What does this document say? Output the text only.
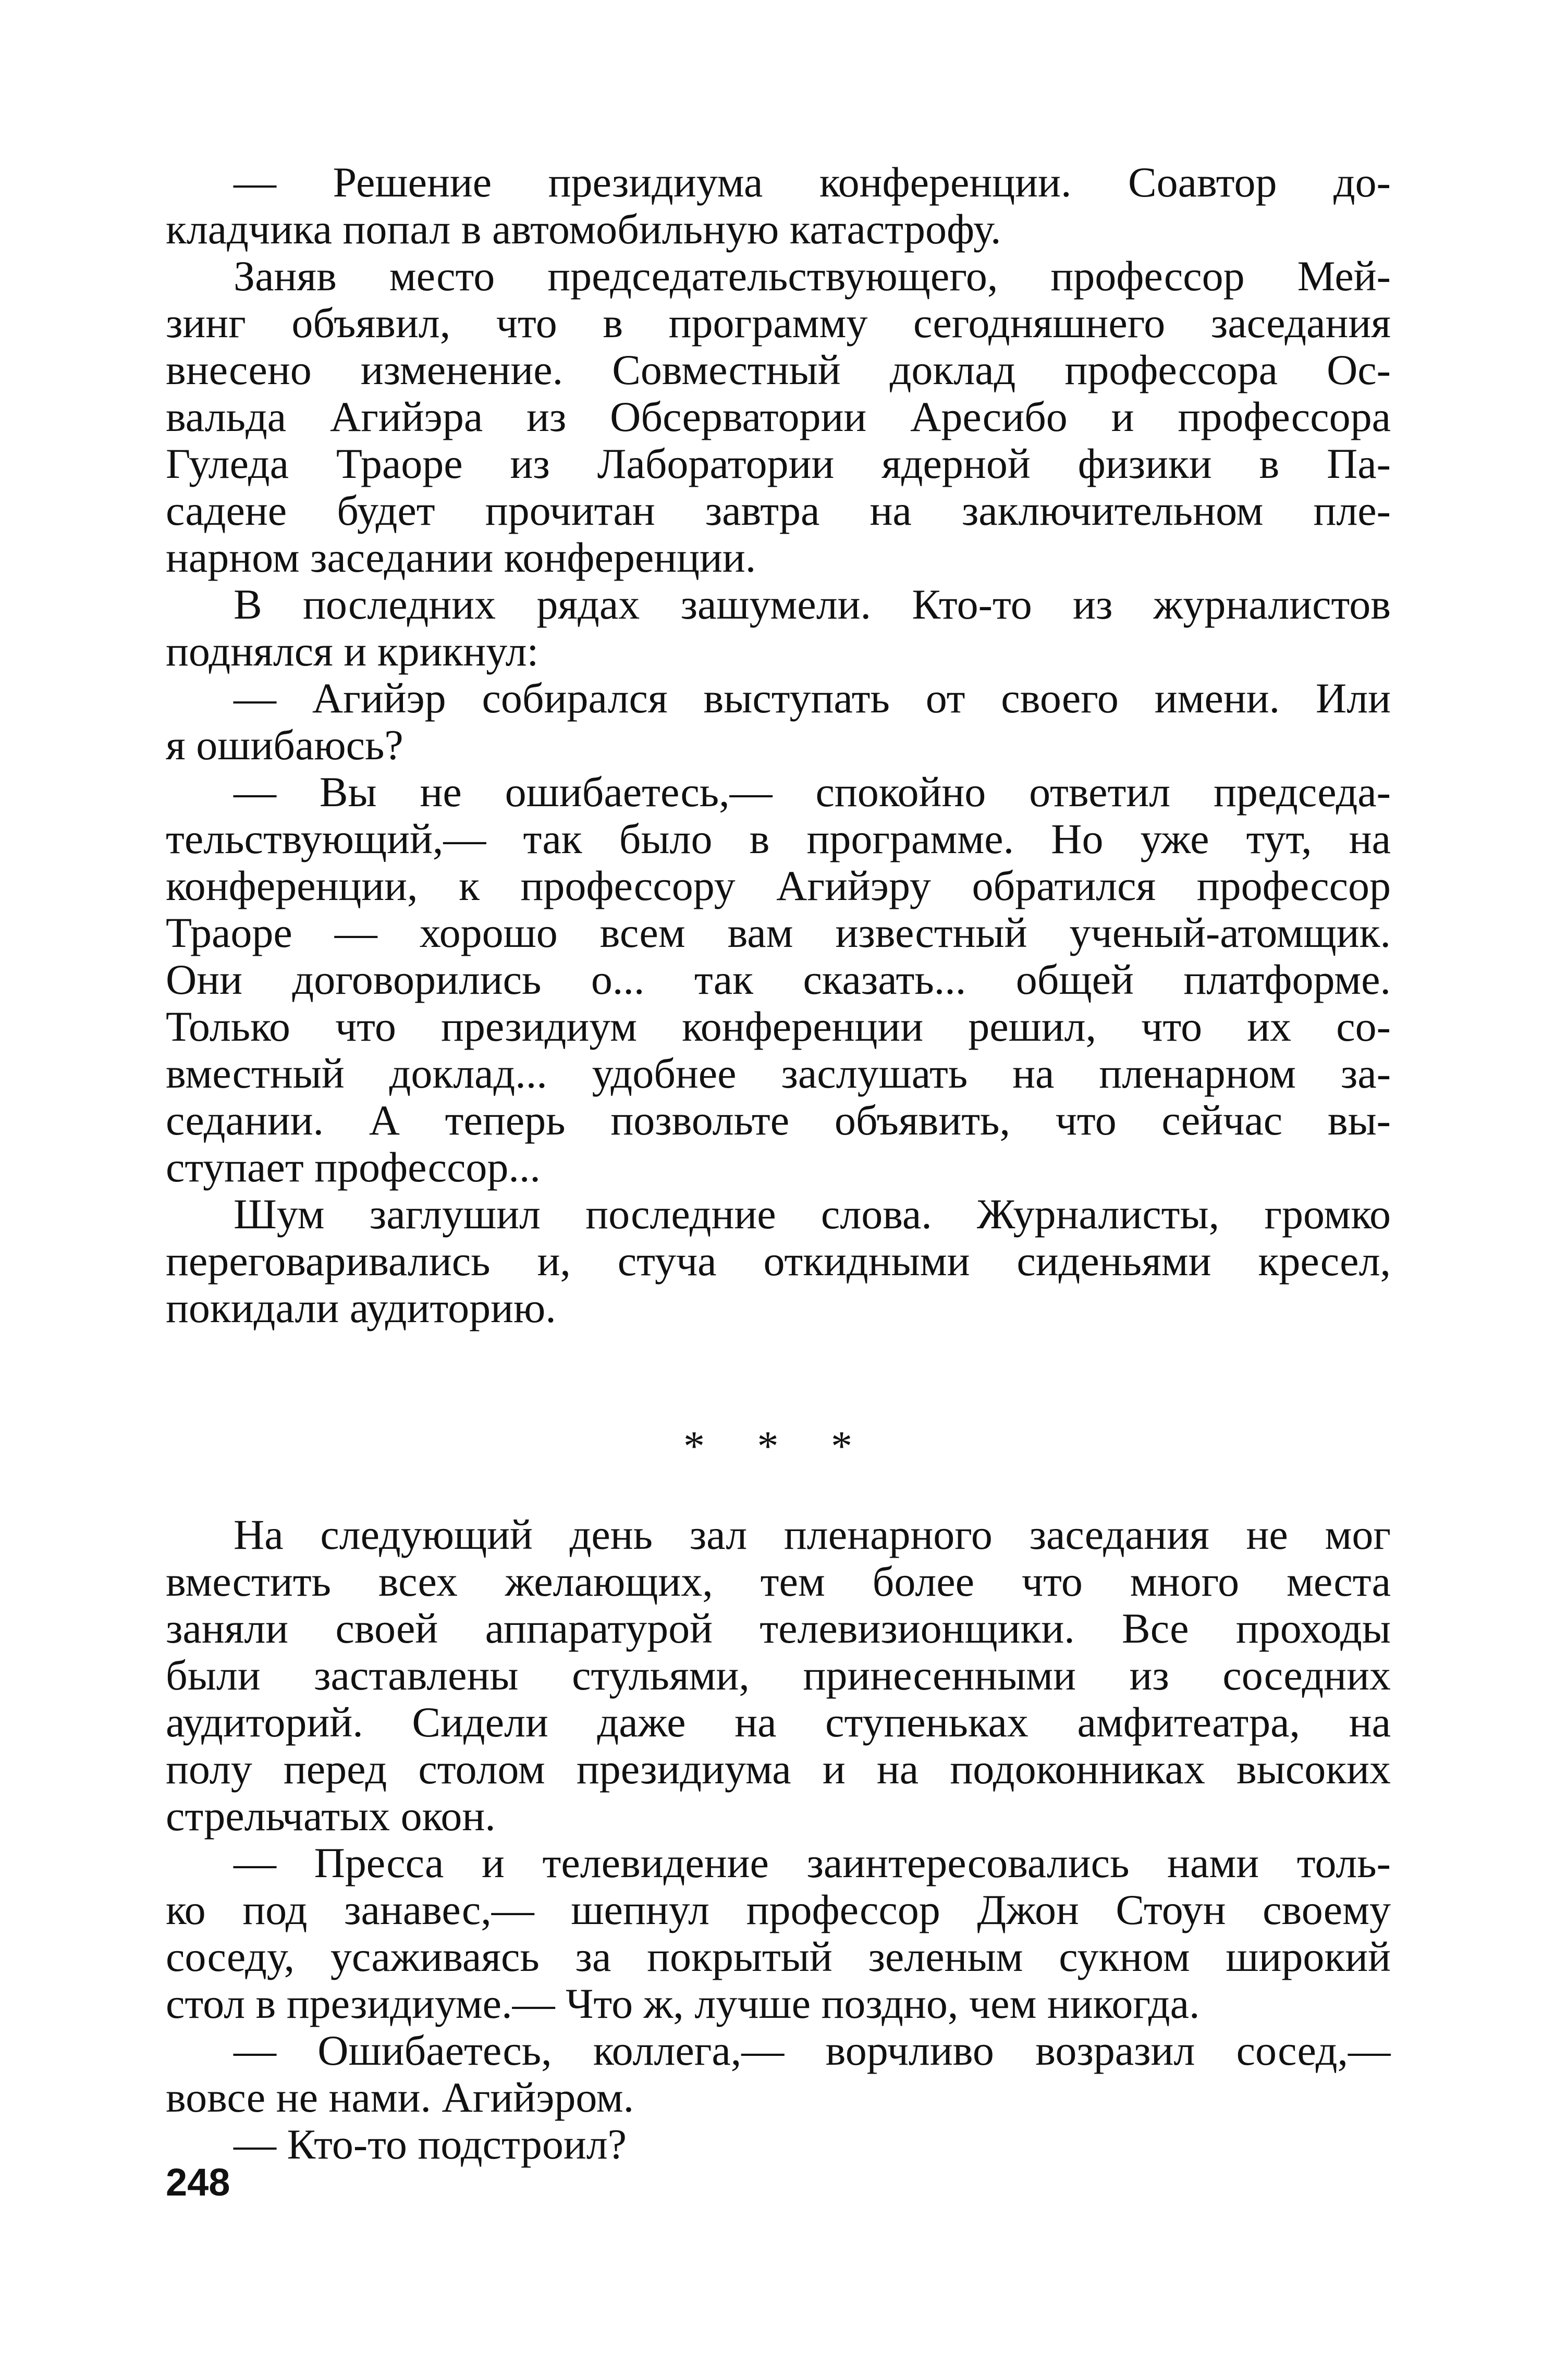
— Решение президиума конференции. Соавтор до-
кладчика попал в автомобильную катастрофу.
Заняв место председательствующего, профессор Мей-
зинг объявил, что в программу сегодняшнего заседания
внесено изменение. Совместный доклад профессора Ос-
вальда Агийэра из Обсерватории Аресибо и профессора
Гуледа Траоре из Лаборатории ядерной физики в Па-
садене будет прочитан завтра на заключительном пле-
нарном заседании конференции.
В последних рядах зашумели. Кто-то из журналистов
поднялся и крикнул:
— Агийэр собирался выступать от своего имени. Или
я ошибаюсь?
— Вы не ошибаетесь,— спокойно ответил председа-
тельствующий,— так было в программе. Но уже тут, на
конференции, к профессору Агийэру обратился профессор
Траоре — хорошо всем вам известный ученый-атомщик.
Они договорились о... так сказать... общей платформе.
Только что президиум конференции решил, что их со-
вместный доклад... удобнее заслушать на пленарном за-
седании. А теперь позвольте объявить, что сейчас вы-
ступает профессор...
Шум заглушил последние слова. Журналисты, громко
переговаривались и, стуча откидными сиденьями кресел,
покидали аудиторию.
* * *
На следующий день зал пленарного заседания не мог
вместить всех желающих, тем более что много места
заняли своей аппаратурой телевизионщики. Все проходы
были заставлены стульями, принесенными из соседних
аудиторий. Сидели даже на ступеньках амфитеатра, на
полу перед столом президиума и на подоконниках высоких
стрельчатых окон.
— Пресса и телевидение заинтересовались нами толь-
ко под занавес,— шепнул профессор Джон Стоун своему
соседу, усаживаясь за покрытый зеленым сукном широкий
стол в президиуме.— Что ж, лучше поздно, чем никогда.
— Ошибаетесь, коллега,— ворчливо возразил сосед,—
вовсе не нами. Агийэром.
— Кто-то подстроил?
248
